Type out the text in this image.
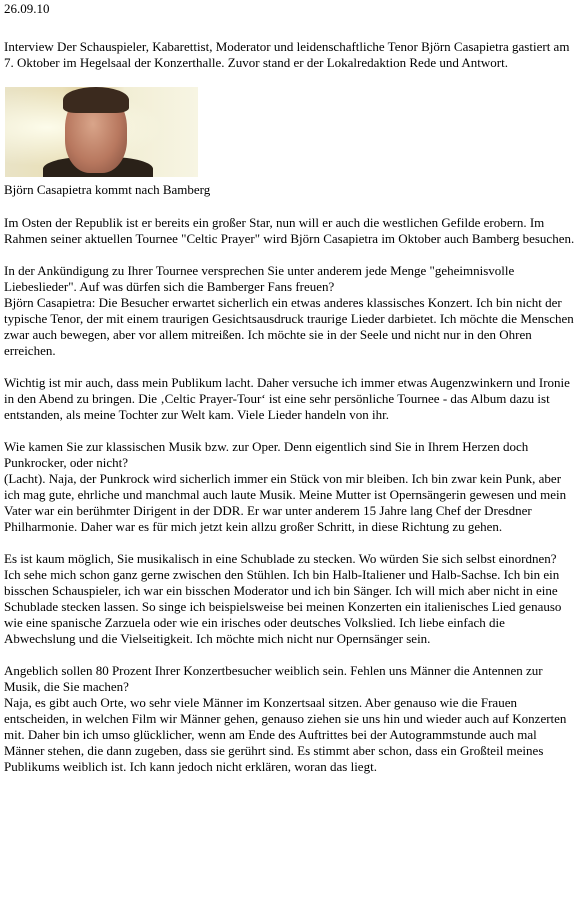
26.09.10

Interview Der Schauspieler, Kabarettist, Moderator und leidenschaftliche Tenor Björn Casapietra gastiert am 7. Oktober im Hegelsaal der Konzerthalle. Zuvor stand er der Lokalredaktion Rede und Antwort.

Björn Casapietra kommt nach Bamberg

Im Osten der Republik ist er bereits ein großer Star, nun will er auch die westlichen Gefilde erobern. Im Rahmen seiner aktuellen Tournee "Celtic Prayer" wird Björn Casapietra im Oktober auch Bamberg besuchen.

In der Ankündigung zu Ihrer Tournee versprechen Sie unter anderem jede Menge "geheimnisvolle Liebeslieder". Auf was dürfen sich die Bamberger Fans freuen?
Björn Casapietra: Die Besucher erwartet sicherlich ein etwas anderes klassisches Konzert. Ich bin nicht der typische Tenor, der mit einem traurigen Gesichtsausdruck traurige Lieder darbietet. Ich möchte die Menschen zwar auch bewegen, aber vor allem mitreißen. Ich möchte sie in der Seele und nicht nur in den Ohren erreichen.
Wichtig ist mir auch, dass mein Publikum lacht. Daher versuche ich immer etwas Augenzwinkern und Ironie in den Abend zu bringen. Die ‚Celtic Prayer-Tour‘ ist eine sehr persönliche Tournee - das Album dazu ist entstanden, als meine Tochter zur Welt kam. Viele Lieder handeln von ihr.
Wie kamen Sie zur klassischen Musik bzw. zur Oper. Denn eigentlich sind Sie in Ihrem Herzen doch Punkrocker, oder nicht?
(Lacht). Naja, der Punkrock wird sicherlich immer ein Stück von mir bleiben. Ich bin zwar kein Punk, aber ich mag gute, ehrliche und manchmal auch laute Musik. Meine Mutter ist Opernsängerin gewesen und mein Vater war ein berühmter Dirigent in der DDR. Er war unter anderem 15 Jahre lang Chef der Dresdner Philharmonie. Daher war es für mich jetzt kein allzu großer Schritt, in diese Richtung zu gehen.
Es ist kaum möglich, Sie musikalisch in eine Schublade zu stecken. Wo würden Sie sich selbst einordnen?
Ich sehe mich schon ganz gerne zwischen den Stühlen. Ich bin Halb-Italiener und Halb-Sachse. Ich bin ein bisschen Schauspieler, ich war ein bisschen Moderator und ich bin Sänger. Ich will mich aber nicht in eine Schublade stecken lassen. So singe ich beispielsweise bei meinen Konzerten ein italienisches Lied genauso wie eine spanische Zarzuela oder wie ein irisches oder deutsches Volkslied. Ich liebe einfach die Abwechslung und die Vielseitigkeit. Ich möchte mich nicht nur Opernsänger sein.
Angeblich sollen 80 Prozent Ihrer Konzertbesucher weiblich sein. Fehlen uns Männer die Antennen zur Musik, die Sie machen?
Naja, es gibt auch Orte, wo sehr viele Männer im Konzertsaal sitzen. Aber genauso wie die Frauen entscheiden, in welchen Film wir Männer gehen, genauso ziehen sie uns hin und wieder auch auf Konzerten mit. Daher bin ich umso glücklicher, wenn am Ende des Auftrittes bei der Autogrammstunde auch mal Männer stehen, die dann zugeben, dass sie gerührt sind. Es stimmt aber schon, dass ein Großteil meines Publikums weiblich ist. Ich kann jedoch nicht erklären, woran das liegt.
